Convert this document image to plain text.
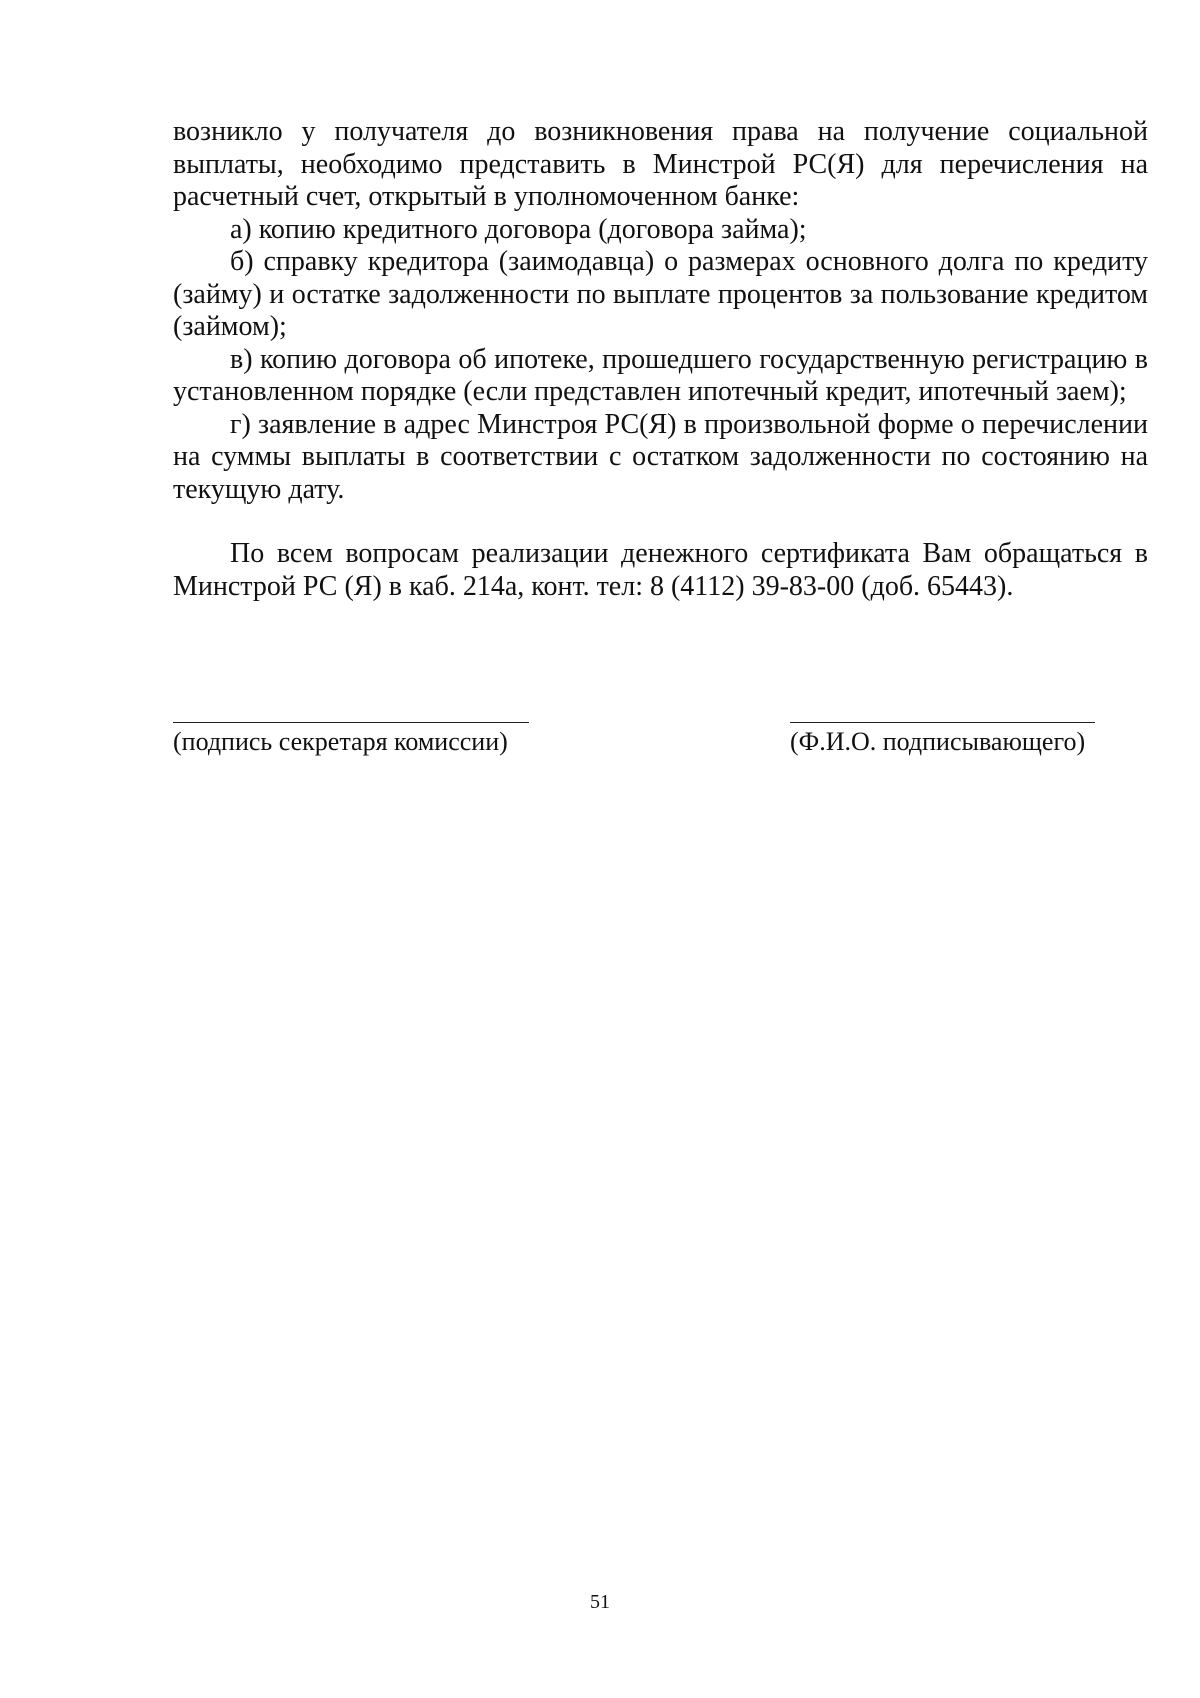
возникло у получателя до возникновения права на получение социальной выплаты, необходимо представить в Минстрой РС(Я) для перечисления на расчетный счет, открытый в уполномоченном банке:

а) копию кредитного договора (договора займа);

б) справку кредитора (заимодавца) о размерах основного долга по кредиту (займу) и остатке задолженности по выплате процентов за пользование кредитом (займом);

в) копию договора об ипотеке, прошедшего государственную регистрацию в установленном порядке (если представлен ипотечный кредит, ипотечный заем);

г) заявление в адрес Минстроя РС(Я) в произвольной форме о перечислении на суммы выплаты в соответствии с остатком задолженности по состоянию на текущую дату.

По всем вопросам реализации денежного сертификата Вам обращаться в Минстрой РС (Я) в каб. 214а, конт. тел: 8 (4112) 39-83-00 (доб. 65443).

(подпись секретаря комиссии)	(Ф.И.О. подписывающего)
51
